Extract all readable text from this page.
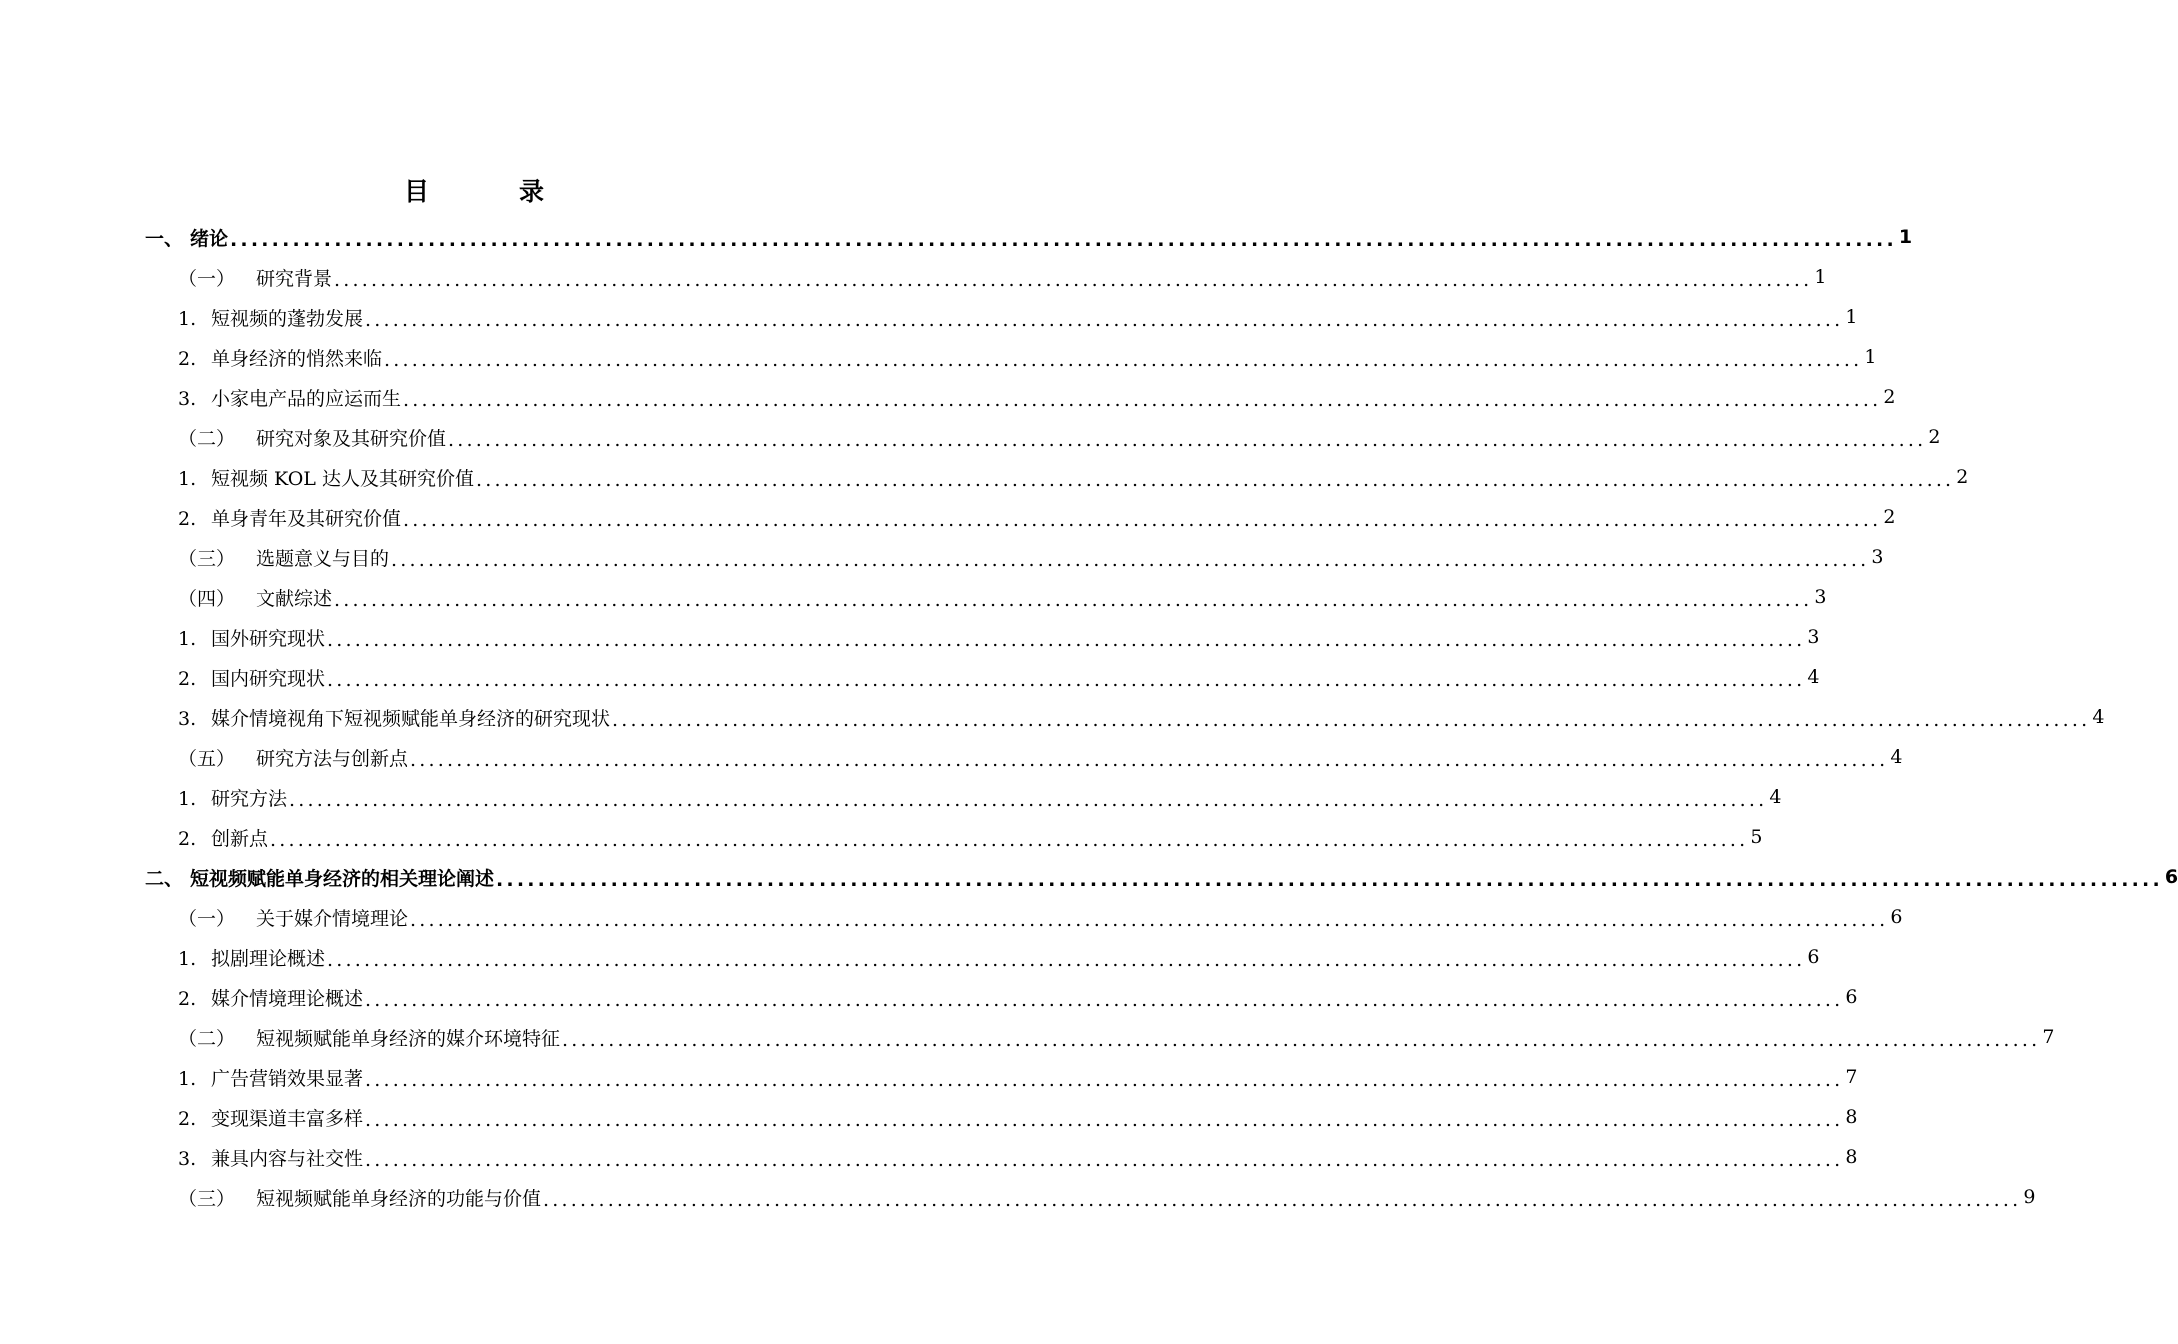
目	录
一、 绪论 ................................................................................................................................................................ 1
（一） 研究背景 ................................................................................................................................................................ 1
1. 短视频的蓬勃发展 ................................................................................................................................................................ 1
2. 单身经济的悄然来临 ................................................................................................................................................................ 1
3. 小家电产品的应运而生 ................................................................................................................................................................ 2
（二） 研究对象及其研究价值 ................................................................................................................................................................ 2
1. 短视频 KOL 达人及其研究价值 ................................................................................................................................................................ 2
2. 单身青年及其研究价值 ................................................................................................................................................................ 2
（三） 选题意义与目的 ................................................................................................................................................................ 3
（四） 文献综述 ................................................................................................................................................................ 3
1. 国外研究现状 ................................................................................................................................................................ 3
2. 国内研究现状 ................................................................................................................................................................ 4
3. 媒介情境视角下短视频赋能单身经济的研究现状 ................................................................................................................................................................ 4
（五） 研究方法与创新点 ................................................................................................................................................................ 4
1. 研究方法 ................................................................................................................................................................ 4
2. 创新点 ................................................................................................................................................................ 5
二、 短视频赋能单身经济的相关理论阐述 ................................................................................................................................................................ 6
（一） 关于媒介情境理论 ................................................................................................................................................................ 6
1. 拟剧理论概述 ................................................................................................................................................................ 6
2. 媒介情境理论概述 ................................................................................................................................................................ 6
（二） 短视频赋能单身经济的媒介环境特征 ................................................................................................................................................................ 7
1. 广告营销效果显著 ................................................................................................................................................................ 7
2. 变现渠道丰富多样 ................................................................................................................................................................ 8
3. 兼具内容与社交性 ................................................................................................................................................................ 8
（三） 短视频赋能单身经济的功能与价值 ................................................................................................................................................................ 9
